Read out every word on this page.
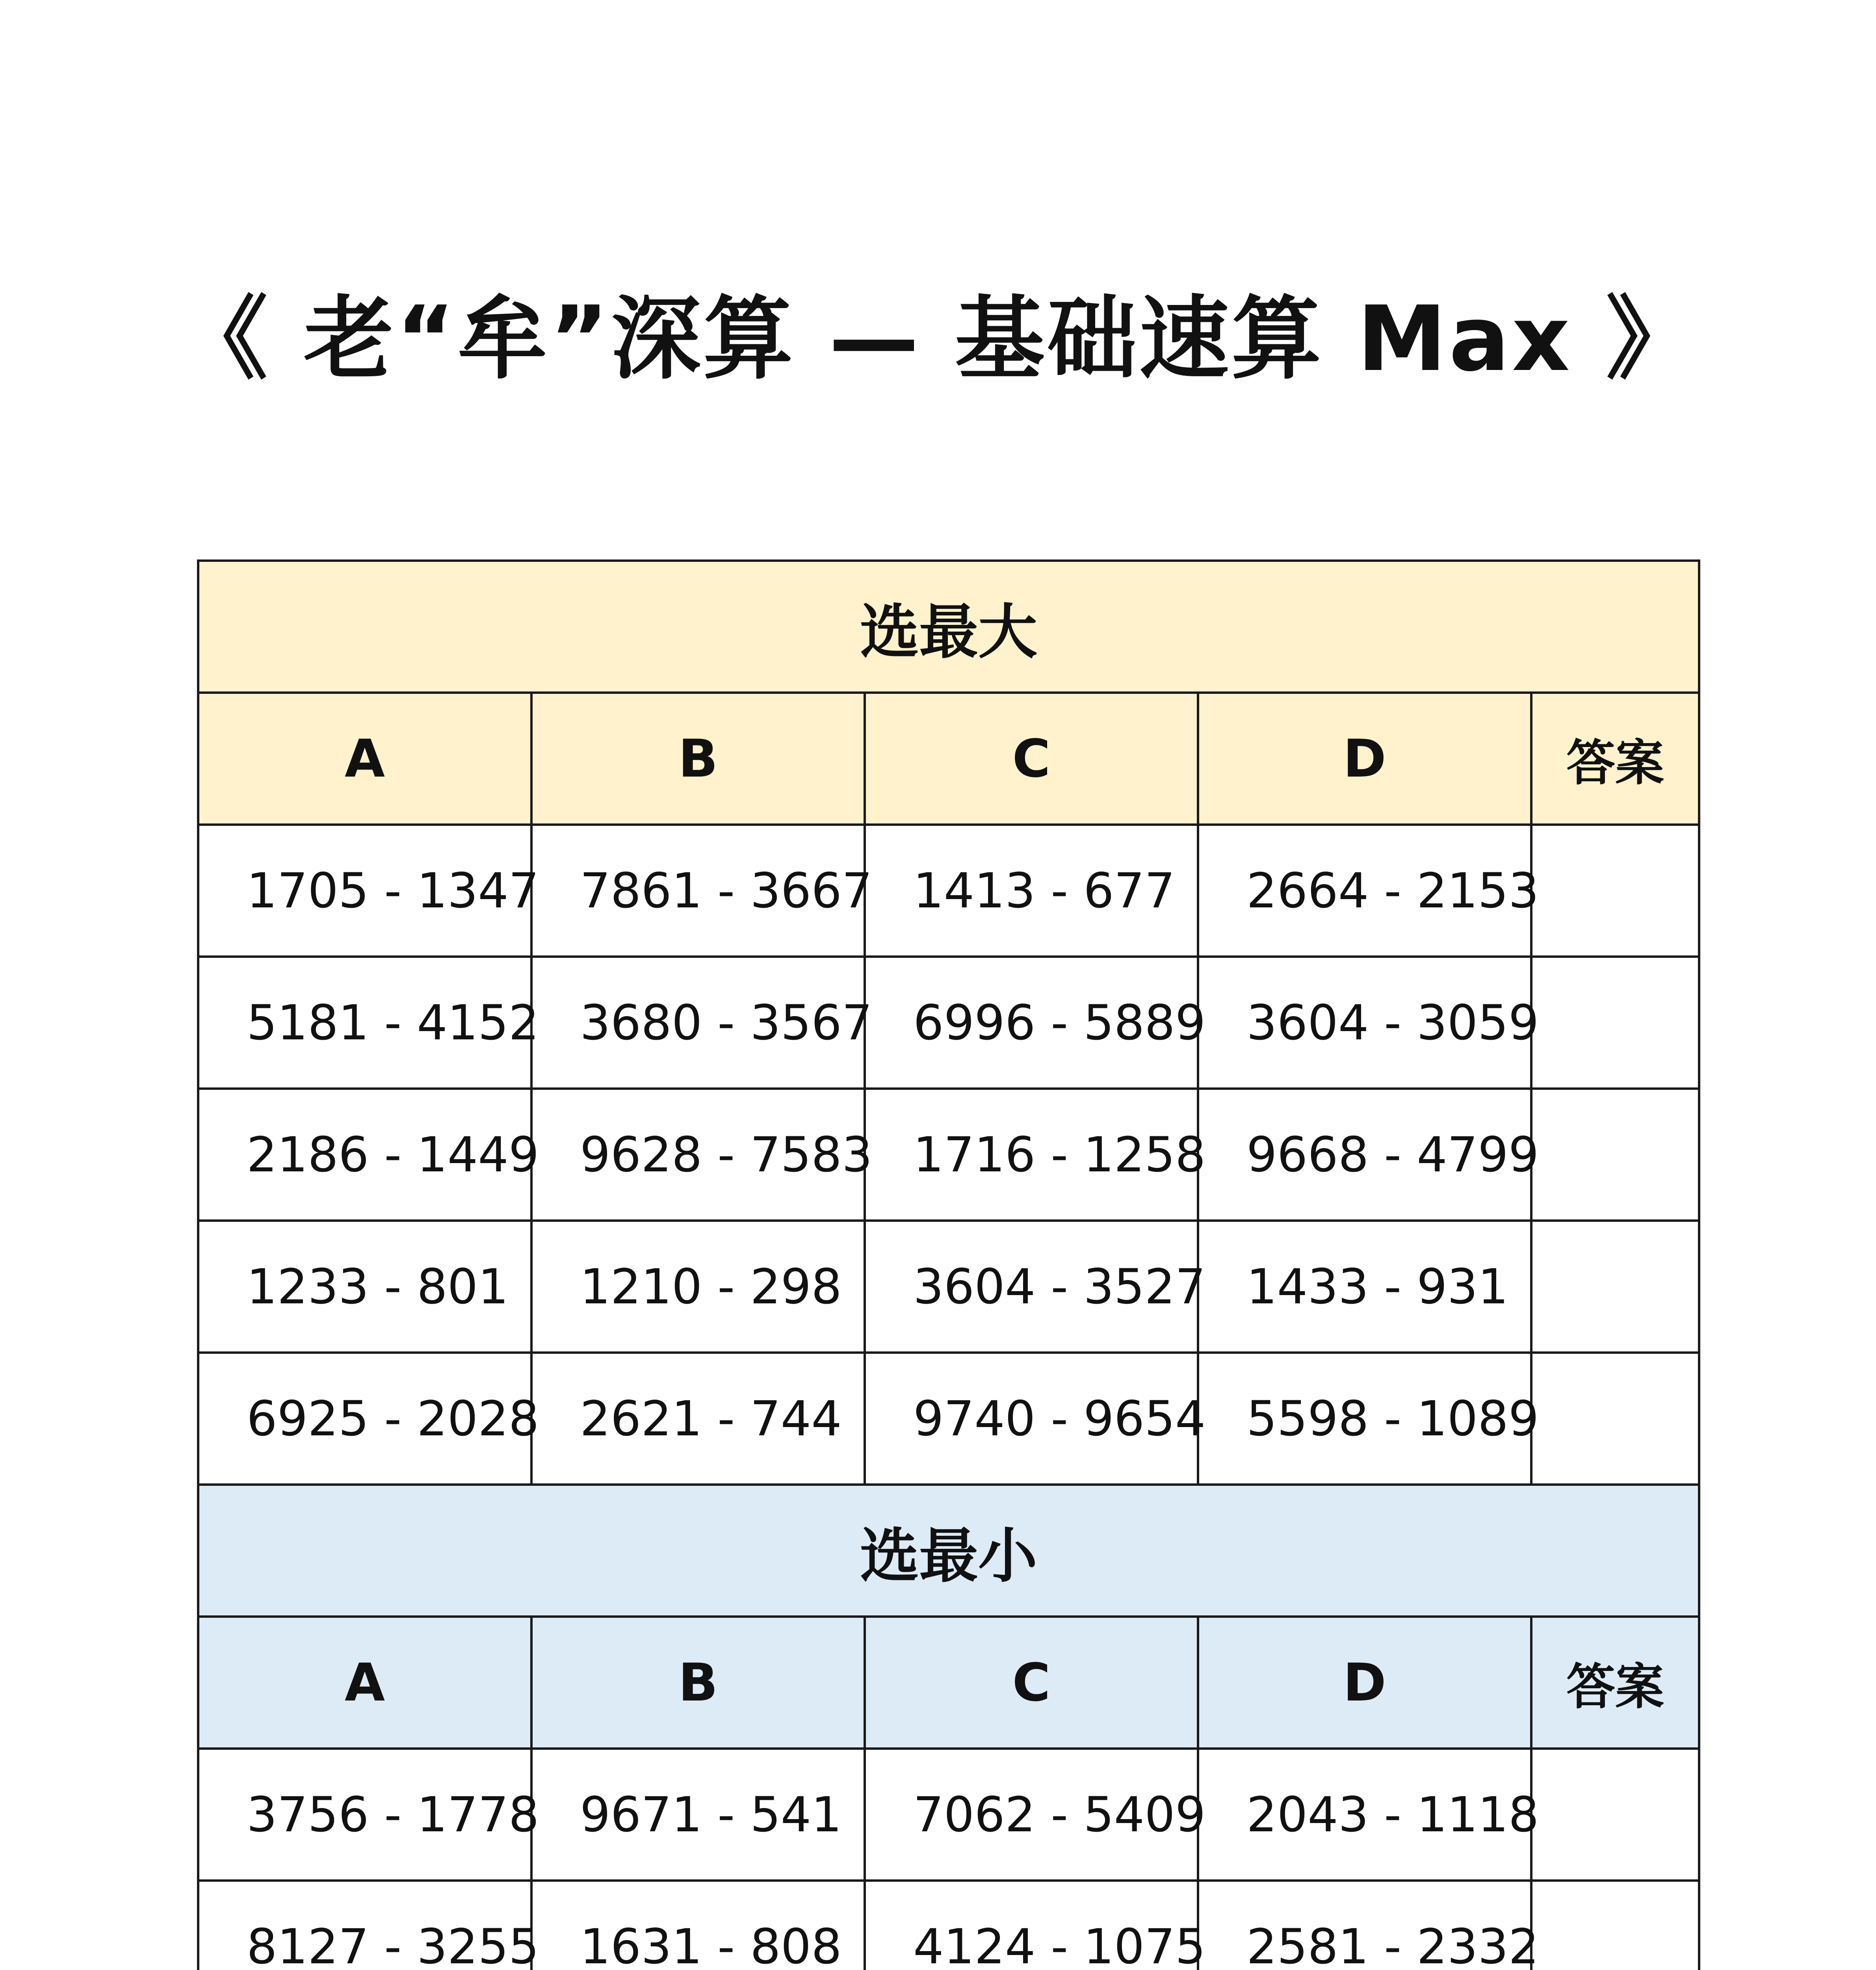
《 老“牟”深算 — 基础速算 Max 》
选最大				
A	B	C	D	答案
1705 - 1347	7861 - 3667	1413 - 677	2664 - 2153	
5181 - 4152	3680 - 3567	6996 - 5889	3604 - 3059	
2186 - 1449	9628 - 7583	1716 - 1258	9668 - 4799	
1233 - 801	1210 - 298	3604 - 3527	1433 - 931	
6925 - 2028	2621 - 744	9740 - 9654	5598 - 1089	
选最小				
A	B	C	D	答案
3756 - 1778	9671 - 541	7062 - 5409	2043 - 1118	
8127 - 3255	1631 - 808	4124 - 1075	2581 - 2332	
